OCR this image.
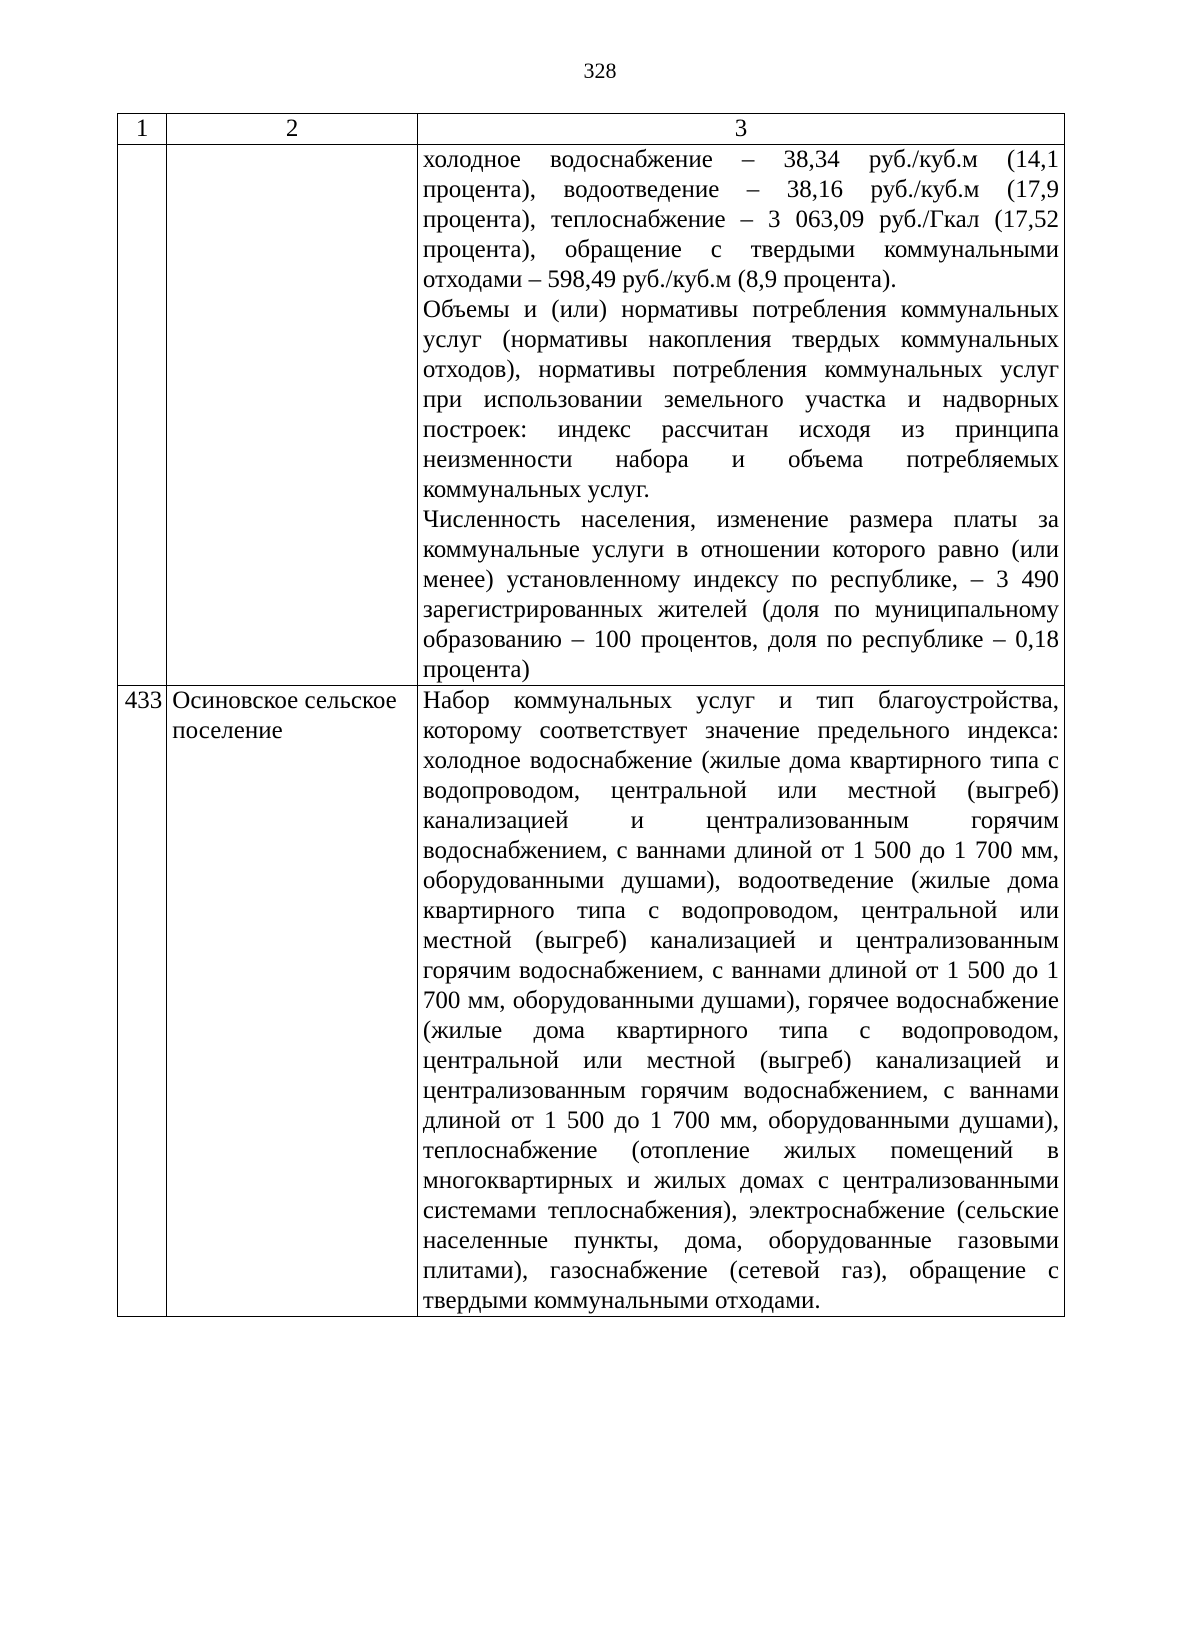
328
1	2	3

		холодное водоснабжение – 38,34 руб./куб.м (14,1 процента), водоотведение – 38,16 руб./куб.м (17,9 процента), теплоснабжение – 3 063,09 руб./Гкал (17,52 процента), обращение с твердыми коммунальными отходами – 598,49 руб./куб.м (8,9 процента).

Объемы и (или) нормативы потребления коммунальных услуг (нормативы накопления твердых коммунальных отходов), нормативы потребления коммунальных услуг при использовании земельного участка и надворных построек: индекс рассчитан исходя из принципа неизменности набора и объема потребляемых коммунальных услуг.

Численность населения, изменение размера платы за коммунальные услуги в отношении которого равно (или менее) установленному индексу по республике, – 3 490 зарегистрированных жителей (доля по муниципальному образованию – 100 процентов, доля по республике – 0,18 процента)

433	Осиновское сельское поселение	Набор коммунальных услуг и тип благоустройства, которому соответствует значение предельного индекса: холодное водоснабжение (жилые дома квартирного типа с водопроводом, центральной или местной (выгреб) канализацией и централизованным горячим водоснабжением, с ваннами длиной от 1 500 до 1 700 мм, оборудованными душами), водоотведение (жилые дома квартирного типа с водопроводом, центральной или местной (выгреб) канализацией и централизованным горячим водоснабжением, с ваннами длиной от 1 500 до 1 700 мм, оборудованными душами), горячее водоснабжение (жилые дома квартирного типа с водопроводом, центральной или местной (выгреб) канализацией и централизованным горячим водоснабжением, с ваннами длиной от 1 500 до 1 700 мм, оборудованными душами), теплоснабжение (отопление жилых помещений в многоквартирных и жилых домах с централизованными системами теплоснабжения), электроснабжение (сельские населенные пункты, дома, оборудованные газовыми плитами), газоснабжение (сетевой газ), обращение с твердыми коммунальными отходами.
